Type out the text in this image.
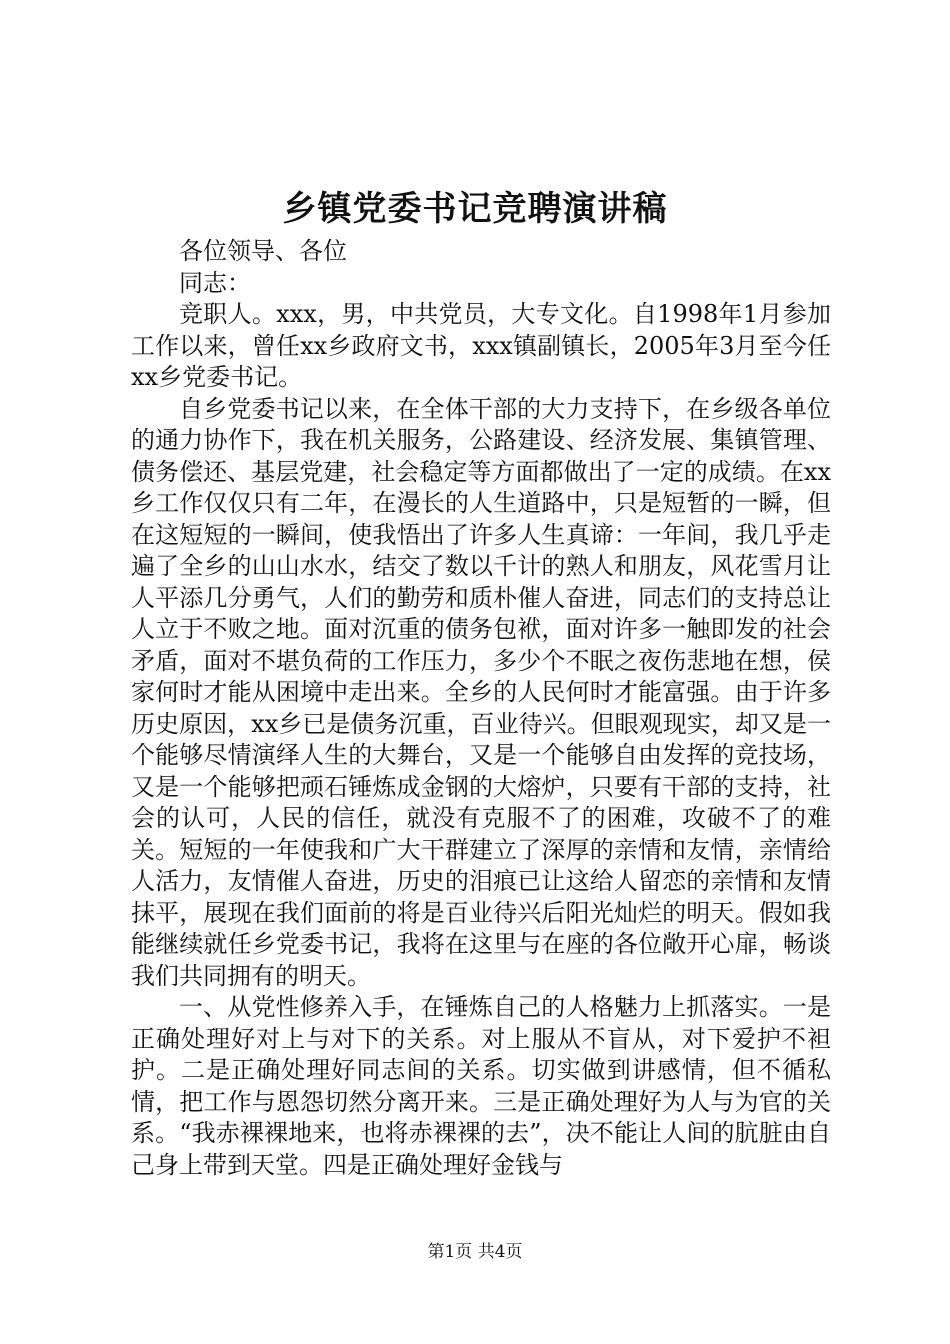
乡镇党委书记竞聘演讲稿

各位领导、各位

同志：

竞职人。xxx，男，中共党员，大专文化。自1998年1月参加工作以来，曾任xx乡政府文书，xxx镇副镇长，2005年3月至今任xx乡党委书记。

自乡党委书记以来，在全体干部的大力支持下，在乡级各单位的通力协作下，我在机关服务，公路建设、经济发展、集镇管理、债务偿还、基层党建，社会稳定等方面都做出了一定的成绩。在xx乡工作仅仅只有二年，在漫长的人生道路中，只是短暂的一瞬，但在这短短的一瞬间，使我悟出了许多人生真谛：一年间，我几乎走遍了全乡的山山水水，结交了数以千计的熟人和朋友，风花雪月让人平添几分勇气，人们的勤劳和质朴催人奋进，同志们的支持总让人立于不败之地。面对沉重的债务包袱，面对许多一触即发的社会矛盾，面对不堪负荷的工作压力，多少个不眠之夜伤悲地在想，侯家何时才能从困境中走出来。全乡的人民何时才能富强。由于许多历史原因，xx乡已是债务沉重，百业待兴。但眼观现实，却又是一个能够尽情演绎人生的大舞台，又是一个能够自由发挥的竞技场，又是一个能够把顽石锤炼成金钢的大熔炉，只要有干部的支持，社会的认可，人民的信任，就没有克服不了的困难，攻破不了的难关。短短的一年使我和广大干群建立了深厚的亲情和友情，亲情给人活力，友情催人奋进，历史的泪痕已让这给人留恋的亲情和友情抹平，展现在我们面前的将是百业待兴后阳光灿烂的明天。假如我能继续就任乡党委书记，我将在这里与在座的各位敞开心扉，畅谈我们共同拥有的明天。

一、从党性修养入手，在锤炼自己的人格魅力上抓落实。一是正确处理好对上与对下的关系。对上服从不盲从，对下爱护不袒护。二是正确处理好同志间的关系。切实做到讲感情，但不循私情，把工作与恩怨切然分离开来。三是正确处理好为人与为官的关系。“我赤裸裸地来，也将赤裸裸的去”，决不能让人间的肮脏由自己身上带到天堂。四是正确处理好金钱与

第1页 共4页
